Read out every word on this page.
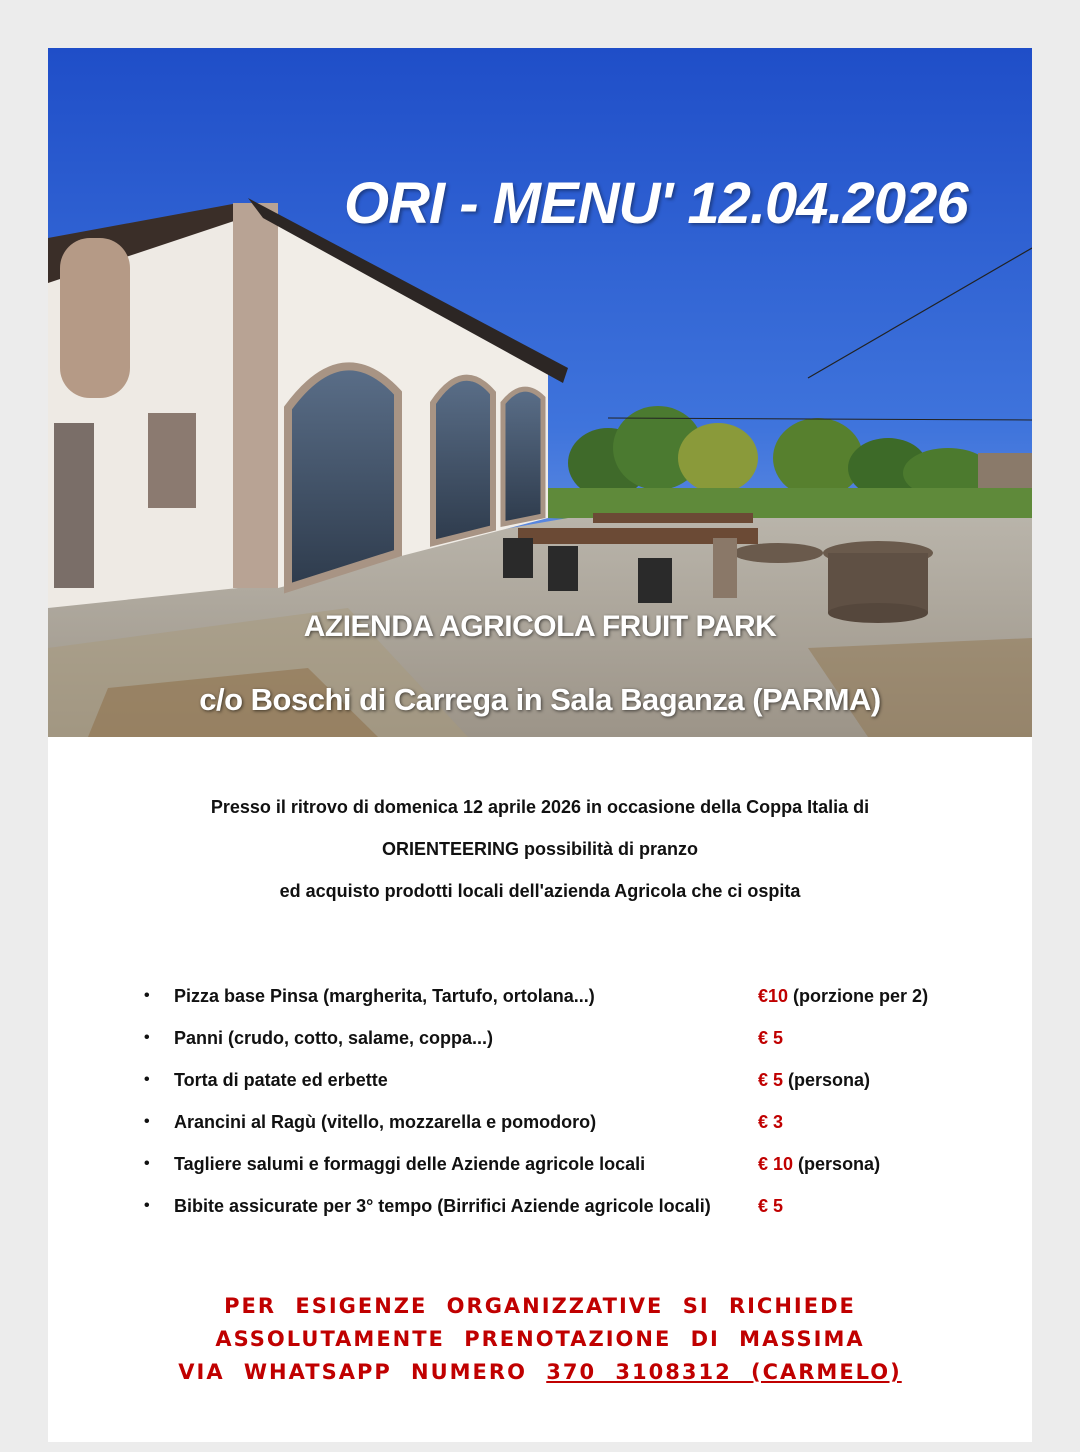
ORI - MENU' 12.04.2026
AZIENDA AGRICOLA FRUIT PARK
c/o Boschi di Carrega in Sala Baganza (PARMA)
Presso il ritrovo di domenica 12 aprile 2026 in occasione della Coppa Italia di
ORIENTEERING possibilità di pranzo
ed acquisto prodotti locali dell'azienda Agricola che ci ospita
• Pizza base Pinsa (margherita, Tartufo, ortolana...)	€10 (porzione per 2)
• Panni (crudo, cotto, salame, coppa...)	€ 5
• Torta di patate ed erbette	€ 5 (persona)
• Arancini al Ragù (vitello, mozzarella e pomodoro)	€ 3
• Tagliere salumi e formaggi delle Aziende agricole locali	€ 10 (persona)
• Bibite assicurate per 3° tempo (Birrifici Aziende agricole locali)	€ 5
PER ESIGENZE ORGANIZZATIVE SI RICHIEDE
ASSOLUTAMENTE PRENOTAZIONE DI MASSIMA
VIA WHATSAPP NUMERO 370 3108312 (CARMELO)
